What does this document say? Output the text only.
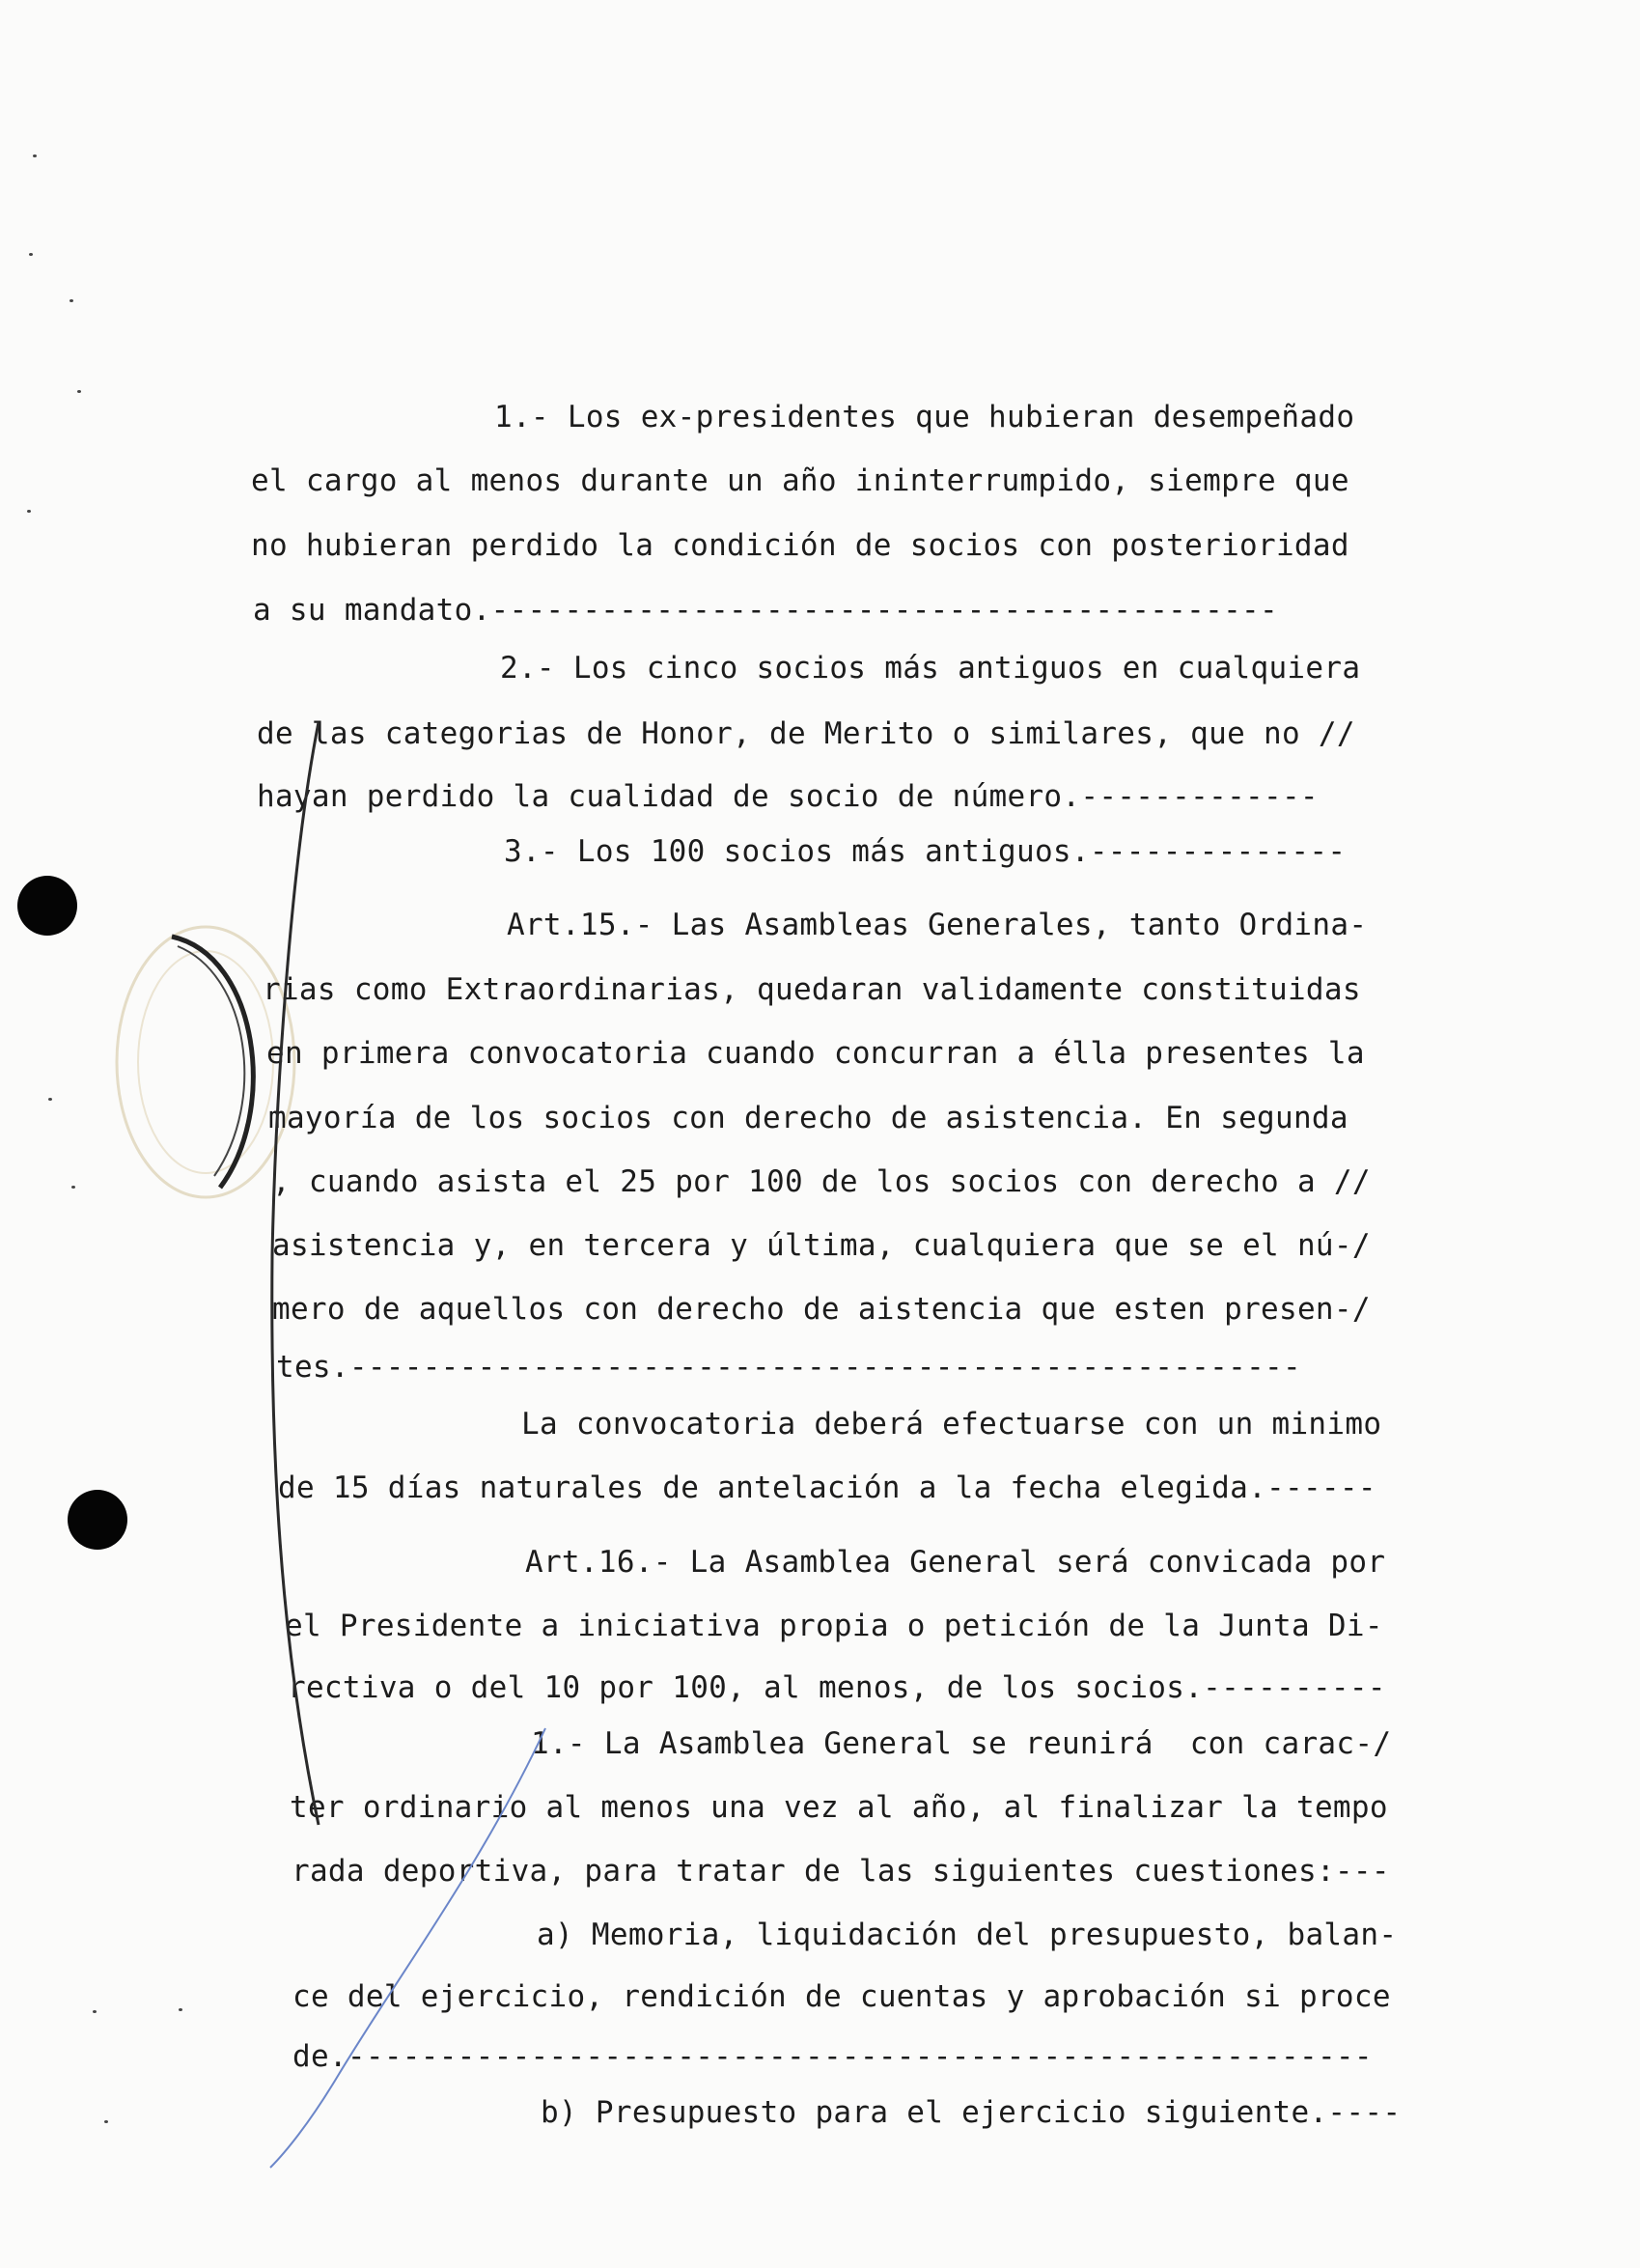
1.- Los ex-presidentes que hubieran desempeñado
el cargo al menos durante un año ininterrumpido, siempre que
no hubieran perdido la condición de socios con posterioridad
a su mandato.-------------------------------------------
2.- Los cinco socios más antiguos en cualquiera
de las categorias de Honor, de Merito o similares, que no //
hayan perdido la cualidad de socio de número.-------------
3.- Los 100 socios más antiguos.--------------
Art.15.- Las Asambleas Generales, tanto Ordina-
rias como Extraordinarias, quedaran validamente constituidas
en primera convocatoria cuando concurran a élla presentes la
mayoría de los socios con derecho de asistencia. En segunda
, cuando asista el 25 por 100 de los socios con derecho a //
asistencia y, en tercera y última, cualquiera que se el nú-/
mero de aquellos con derecho de aistencia que esten presen-/
tes.----------------------------------------------------
La convocatoria deberá efectuarse con un minimo
de 15 días naturales de antelación a la fecha elegida.------
Art.16.- La Asamblea General será convicada por
el Presidente a iniciativa propia o petición de la Junta Di-
rectiva o del 10 por 100, al menos, de los socios.----------
1.- La Asamblea General se reunirá  con carac-/
ter ordinario al menos una vez al año, al finalizar la tempo
rada deportiva, para tratar de las siguientes cuestiones:---
a) Memoria, liquidación del presupuesto, balan-
ce del ejercicio, rendición de cuentas y aprobación si proce
de.--------------------------------------------------------
b) Presupuesto para el ejercicio siguiente.----
